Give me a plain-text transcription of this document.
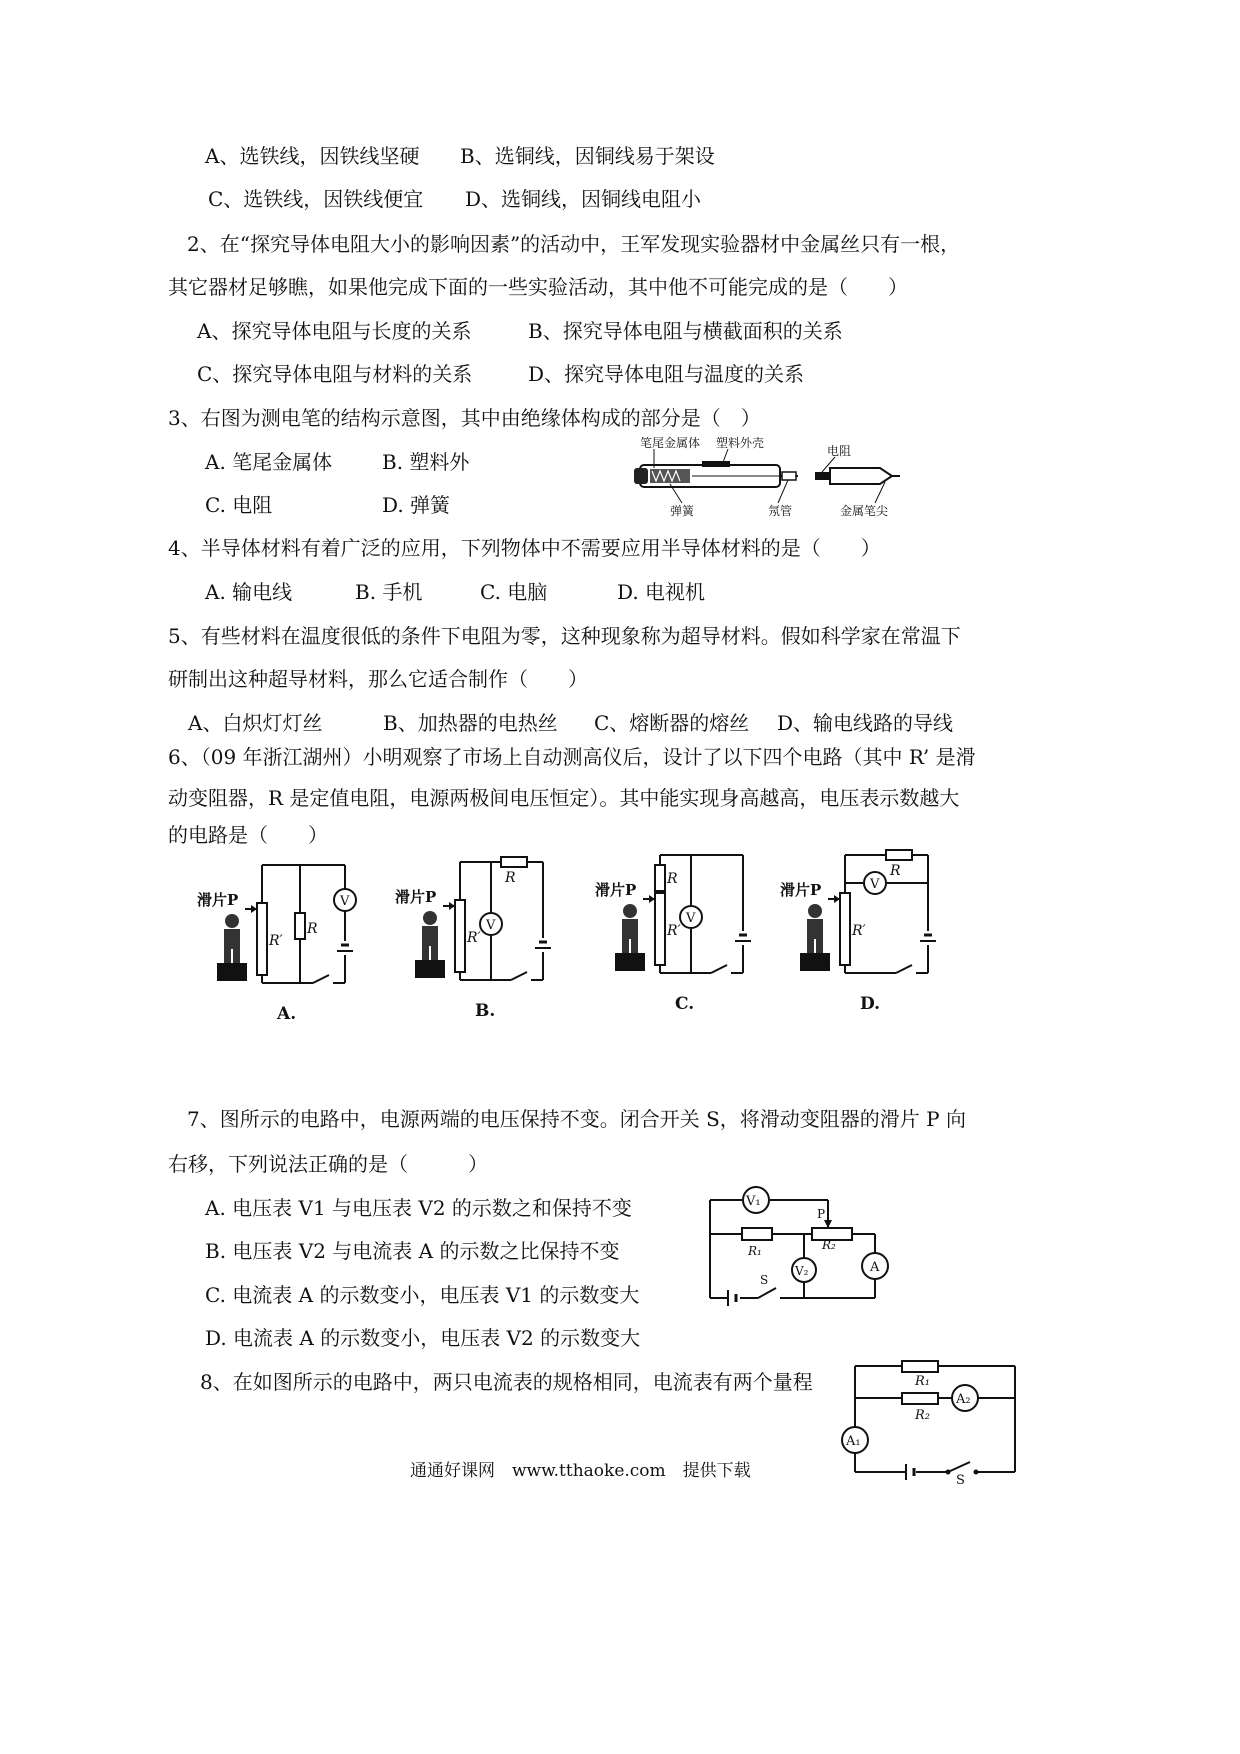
A、选铁线，因铁线坚硬 B、选铜线，因铜线易于架设
C、选铁线，因铁线便宜 D、选铜线，因铜线电阻小
2、在“探究导体电阻大小的影响因素”的活动中，王军发现实验器材中金属丝只有一根，
其它器材足够瞧，如果他完成下面的一些实验活动，其中他不可能完成的是（　　）
A、探究导体电阻与长度的关系	B、探究导体电阻与横截面积的关系
C、探究导体电阻与材料的关系	D、探究导体电阻与温度的关系
3、右图为测电笔的结构示意图，其中由绝缘体构成的部分是（　）
A. 笔尾金属体 B. 塑料外
C. 电阻	D. 弹簧
笔尾金属体 塑料外壳
电阻
弹簧	氖管	金属笔尖
4、半导体材料有着广泛的应用，下列物体中不需要应用半导体材料的是（　　）
A. 输电线	B. 手机	C. 电脑	D. 电视机
5、有些材料在温度很低的条件下电阻为零，这种现象称为超导材料。假如科学家在常温下
研制出这种超导材料，那么它适合制作（　　）
A、白炽灯灯丝	B、加热器的电热丝 C、熔断器的熔丝 D、输电线路的导线
6、（09 年浙江湖州）小明观察了市场上自动测高仪后，设计了以下四个电路（其中 R’ 是滑
动变阻器，R 是定值电阻，电源两极间电压恒定）。其中能实现身高越高，电压表示数越大
的电路是（　　）
滑片P
R′
R
V
A.
滑片P
R′
R
V
B.
滑片P
R′
R
V
C.
滑片P
R′
R
V
D.
7、图所示的电路中，电源两端的电压保持不变。闭合开关 S，将滑动变阻器的滑片 P 向
右移，下列说法正确的是（　　　）
A. 电压表 V1 与电压表 V2 的示数之和保持不变
B. 电压表 V2 与电流表 A 的示数之比保持不变
C. 电流表 A 的示数变小，电压表 V1 的示数变大
D. 电流表 A 的示数变小，电压表 V2 的示数变大
V₁
V₂	A
R₁	R₂
P
S
8、在如图所示的电路中，两只电流表的规格相同，电流表有两个量程	R₁
R₂
A₂
A₁
S
通通好课网　www.tthaoke.com　提供下载
